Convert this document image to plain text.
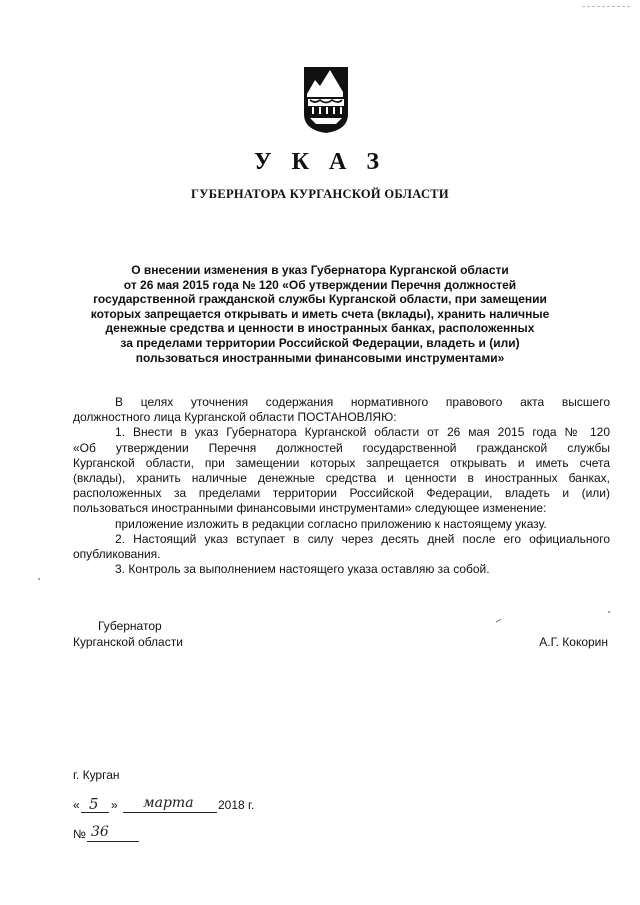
У К А З
ГУБЕРНАТОРА КУРГАНСКОЙ ОБЛАСТИ
О внесении изменения в указ Губернатора Курганской области
от 26 мая 2015 года № 120 «Об утверждении Перечня должностей
государственной гражданской службы Курганской области, при замещении
которых запрещается открывать и иметь счета (вклады), хранить наличные
денежные средства и ценности в иностранных банках, расположенных
за пределами территории Российской Федерации, владеть и (или)
пользоваться иностранными финансовыми инструментами»
В целях уточнения содержания нормативного правового акта высшего
должностного лица Курганской области ПОСТАНОВЛЯЮ:
1. Внести в указ Губернатора Курганской области от 26 мая 2015 года № 120
«Об утверждении Перечня должностей государственной гражданской службы
Курганской области, при замещении которых запрещается открывать и иметь счета
(вклады), хранить наличные денежные средства и ценности в иностранных банках,
расположенных за пределами территории Российской Федерации, владеть и (или)
пользоваться иностранными финансовыми инструментами» следующее изменение:
приложение изложить в редакции согласно приложению к настоящему указу.
2. Настоящий указ вступает в силу через десять дней после его официального
опубликования.
3. Контроль за выполнением настоящего указа оставляю за собой.
Губернатор
Курганской области	А.Г. Кокорин
г. Курган
« 5 » марта 2018 г.
№ 36
